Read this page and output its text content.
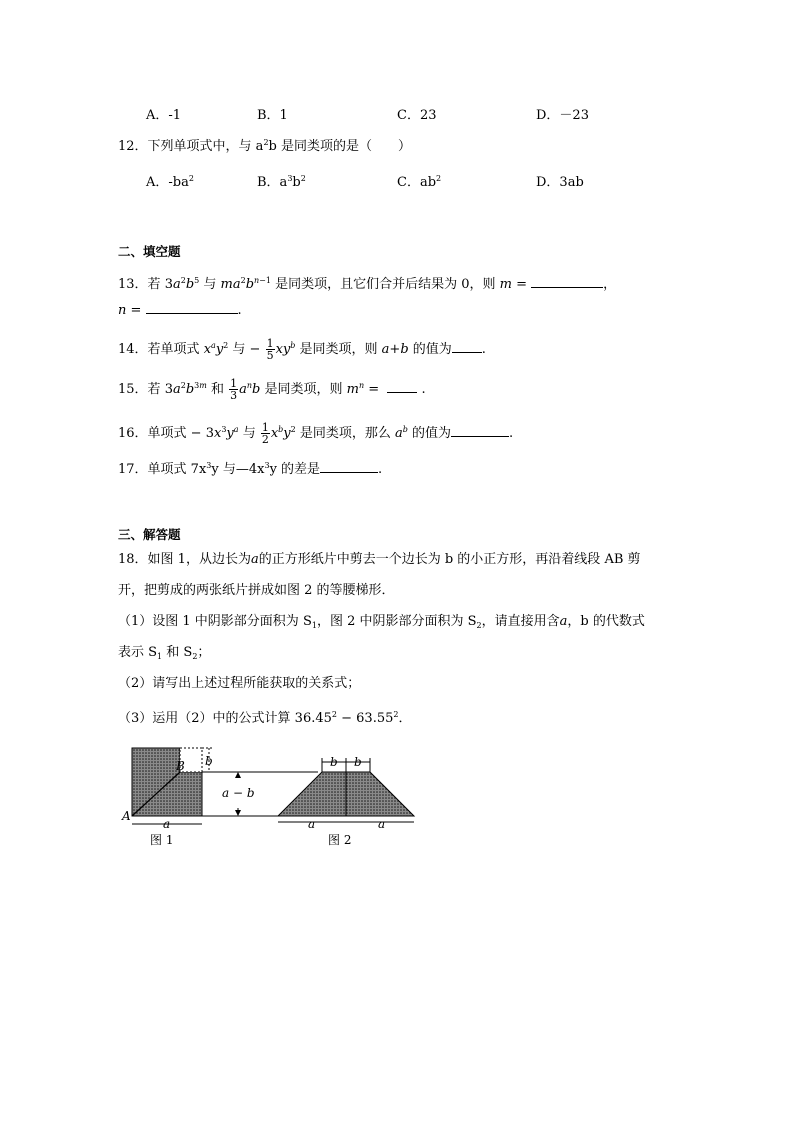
A．-1	B．1	C．23	D．－23
12．下列单项式中，与 $a^2b$ 是同类项的是（　　）
A．$-ba^2$	B．$a^3b^2$	C．$ab^2$	D．3ab
二、填空题
13．若 $3a^2b^5$ 与 $ma^2b^{n-1}$ 是同类项，且它们合并后结果为 0，则 m =	，
n =	.
14．若单项式 $x^ay^2$ 与 − $\frac{1}{5} xy^b$ 是同类项，则 a+b 的值为 .
15．若 $3a^2b^{3m}$ 和 $\frac{1}{3} a^nb$ 是同类项，则 $m^n$ =	.
16．单项式 − $3x^3y^a$ 与 $\frac{1}{2} x^by^2$ 是同类项，那么 $a^b$ 的值为	.
17．单项式 $7x^3y$ 与$—4x^3y$ 的差是	.
三、解答题
18．如图 1，从边长为a的正方形纸片中剪去一个边长为 b 的小正方形，再沿着线段 AB 剪
开，把剪成的两张纸片拼成如图 2 的等腰梯形．
（1）设图 1 中阴影部分面积为 $S_1$，图 2 中阴影部分面积为 $S_2$，请直接用含a，b 的代数式
表示 $S_1$ 和 $S_2$；
（2）请写出上述过程所能获取的关系式；
（3）运用（2）中的公式计算 $36.45^2 - 63.55^2$．
B
A
b
a − b
a
图 1
b b
a	a
图 2
